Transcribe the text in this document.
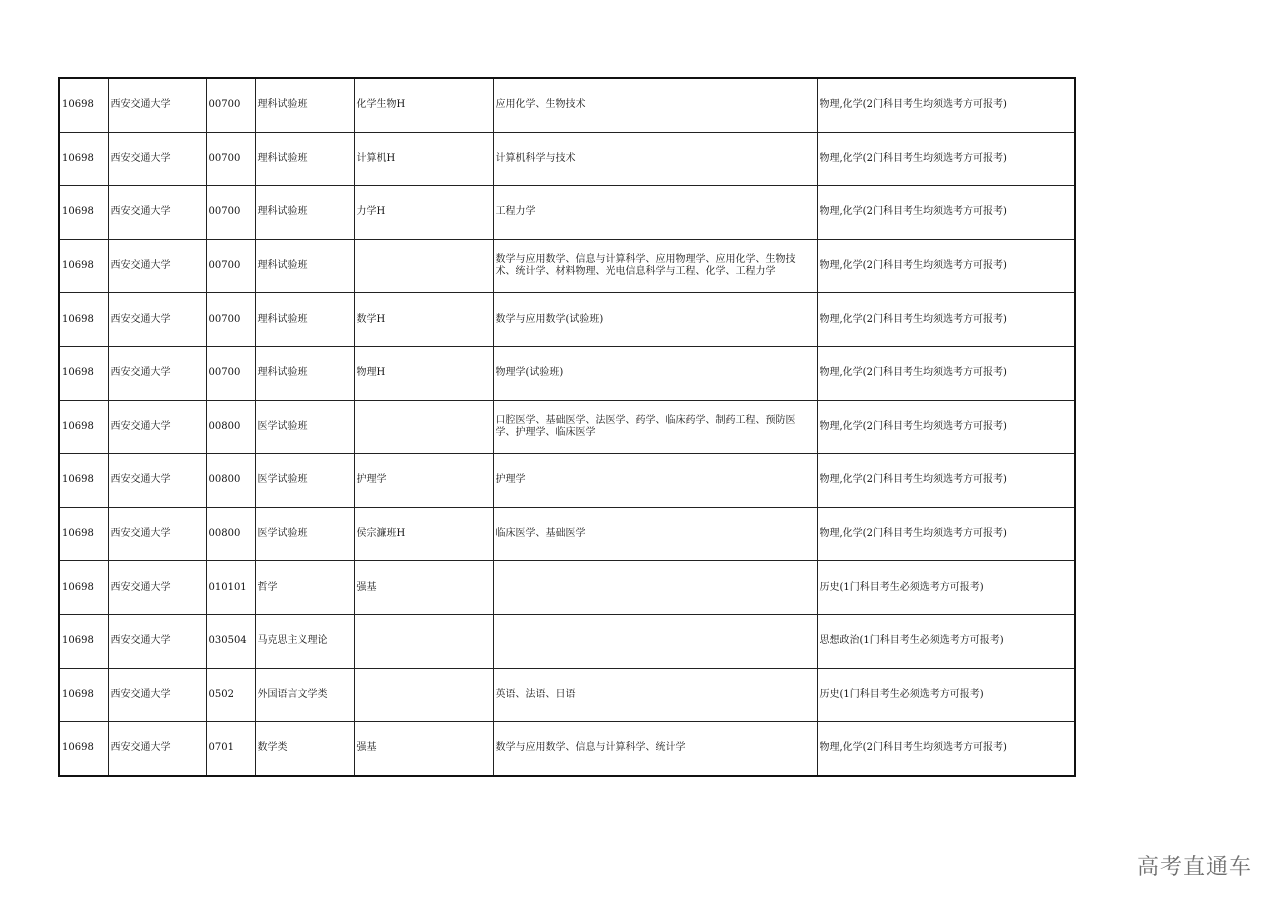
10698	西安交通大学	00700	理科试验班	化学生物H	应用化学、生物技术	物理,化学(2门科目考生均须选考方可报考)
10698	西安交通大学	00700	理科试验班	计算机H	计算机科学与技术	物理,化学(2门科目考生均须选考方可报考)
10698	西安交通大学	00700	理科试验班	力学H	工程力学	物理,化学(2门科目考生均须选考方可报考)
10698	西安交通大学	00700	理科试验班		数学与应用数学、信息与计算科学、应用物理学、应用化学、生物技术、统计学、材料物理、光电信息科学与工程、化学、工程力学	物理,化学(2门科目考生均须选考方可报考)
10698	西安交通大学	00700	理科试验班	数学H	数学与应用数学(试验班)	物理,化学(2门科目考生均须选考方可报考)
10698	西安交通大学	00700	理科试验班	物理H	物理学(试验班)	物理,化学(2门科目考生均须选考方可报考)
10698	西安交通大学	00800	医学试验班		口腔医学、基础医学、法医学、药学、临床药学、制药工程、预防医学、护理学、临床医学	物理,化学(2门科目考生均须选考方可报考)
10698	西安交通大学	00800	医学试验班	护理学	护理学	物理,化学(2门科目考生均须选考方可报考)
10698	西安交通大学	00800	医学试验班	侯宗濂班H	临床医学、基础医学	物理,化学(2门科目考生均须选考方可报考)
10698	西安交通大学	010101	哲学	强基		历史(1门科目考生必须选考方可报考)
10698	西安交通大学	030504	马克思主义理论			思想政治(1门科目考生必须选考方可报考)
10698	西安交通大学	0502	外国语言文学类		英语、法语、日语	历史(1门科目考生必须选考方可报考)
10698	西安交通大学	0701	数学类	强基	数学与应用数学、信息与计算科学、统计学	物理,化学(2门科目考生均须选考方可报考)
高考直通车
